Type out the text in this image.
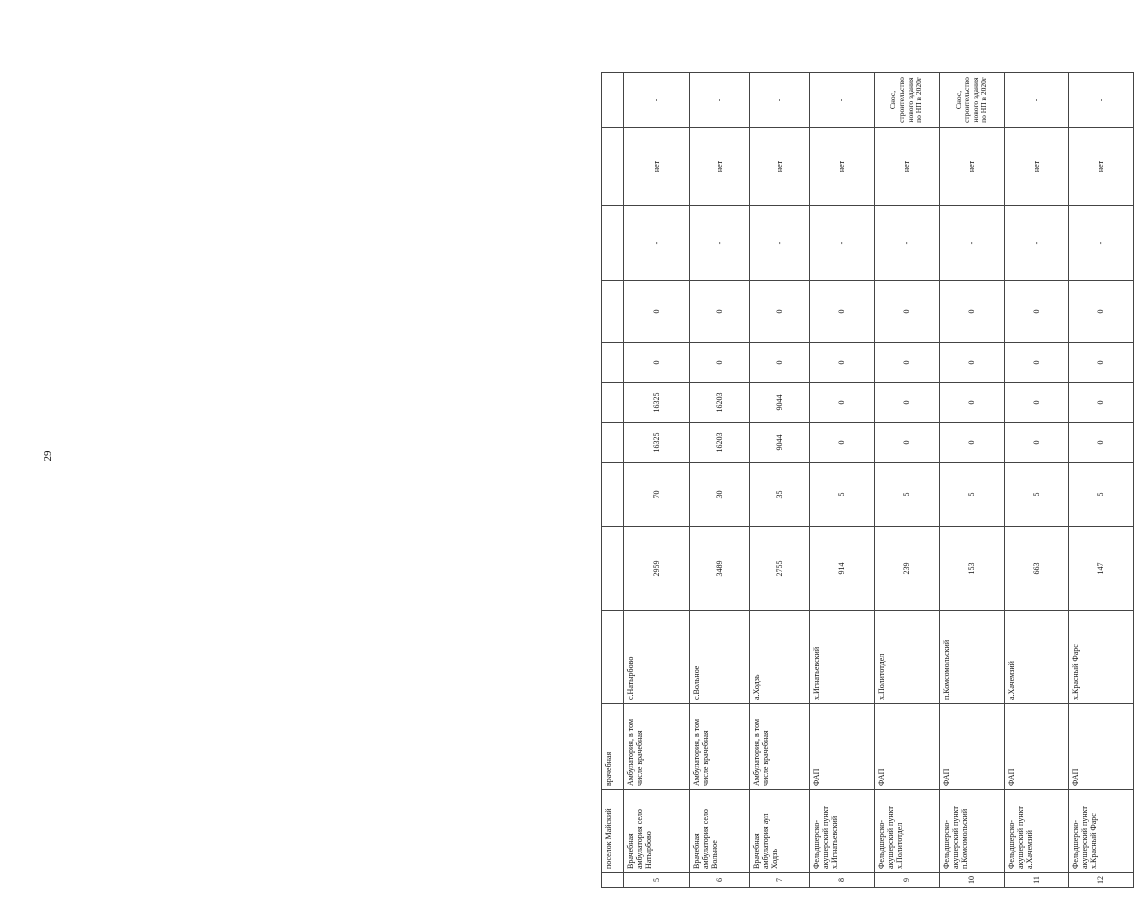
29
	поселок Майский	врачебная										
5	Врачебная амбулатория село Натырбово	Амбулатория, в том числе врачебная	с.Натырбово	2959	70	16325	16325	0	0	-	нет	-
6	Врачебная амбулатория село Вольное	Амбулатория, в том числе врачебная	с.Вольное	3489	30	16203	16203	0	0	-	нет	-
7	Врачебная амбулатория аул Ходзь	Амбулатория, в том числе врачебная	а.Ходзь	2755	35	9044	9044	0	0	-	нет	-
8	Фельдшерско-акушерский пункт х.Игнатьевский	ФАП	х.Игнатьевский	914	5	0	0	0	0	-	нет	-
9	Фельдшерско-акушерский пункт х.Политотдел	ФАП	х.Политотдел	239	5	0	0	0	0	-	нет	Снос, строительство нового здания по НП в 2020г
10	Фельдшерско-акушерский пункт п.Комсомольский	ФАП	п.Комсомольский	153	5	0	0	0	0	-	нет	Снос, строительство нового здания по НП в 2020г
11	Фельдшерско-акушерский пункт а.Хачемзий	ФАП	а.Хачемзий	663	5	0	0	0	0	-	нет	-
12	Фельдшерско-акушерский пункт х.Красный Фарс	ФАП	х.Красный Фарс	147	5	0	0	0	0	-	нет	-
